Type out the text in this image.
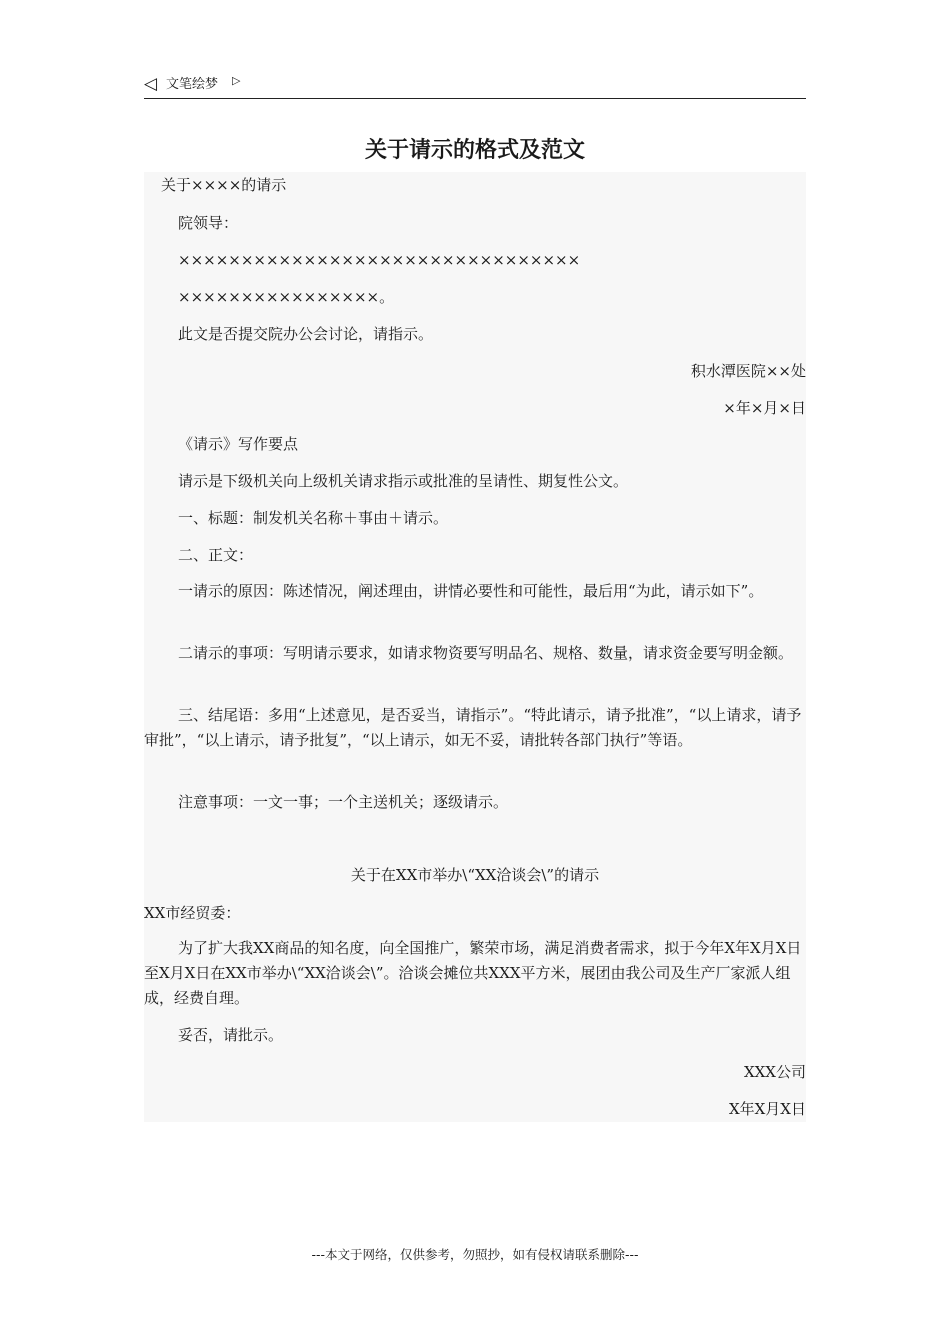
◁ 文笔绘梦 ▷
关于请示的格式及范文
关于××××的请示
院领导：
××××××××××××××××××××××××××××××××
××××××××××××××××。
此文是否提交院办公会讨论，请指示。
积水潭医院××处
×年×月×日
《请示》写作要点
请示是下级机关向上级机关请求指示或批准的呈请性、期复性公文。
一、标题：制发机关名称＋事由＋请示。
二、正文：
一请示的原因：陈述情况，阐述理由，讲情必要性和可能性，最后用“为此，请示如下”。
二请示的事项：写明请示要求，如请求物资要写明品名、规格、数量，请求资金要写明金额。
三、结尾语：多用“上述意见，是否妥当，请指示”。“特此请示，请予批准”，“以上请求，请予审批”，“以上请示，请予批复”，“以上请示，如无不妥，请批转各部门执行”等语。
注意事项：一文一事；一个主送机关；逐级请示。
关于在XX市举办\“XX洽谈会\”的请示
XX市经贸委：
为了扩大我XX商品的知名度，向全国推广，繁荣市场，满足消费者需求，拟于今年X年X月X日至X月X日在XX市举办\“XX洽谈会\”。洽谈会摊位共XXX平方米，展团由我公司及生产厂家派人组成，经费自理。
妥否，请批示。
XXX公司
X年X月X日
---本文于网络，仅供参考，勿照抄，如有侵权请联系删除---
